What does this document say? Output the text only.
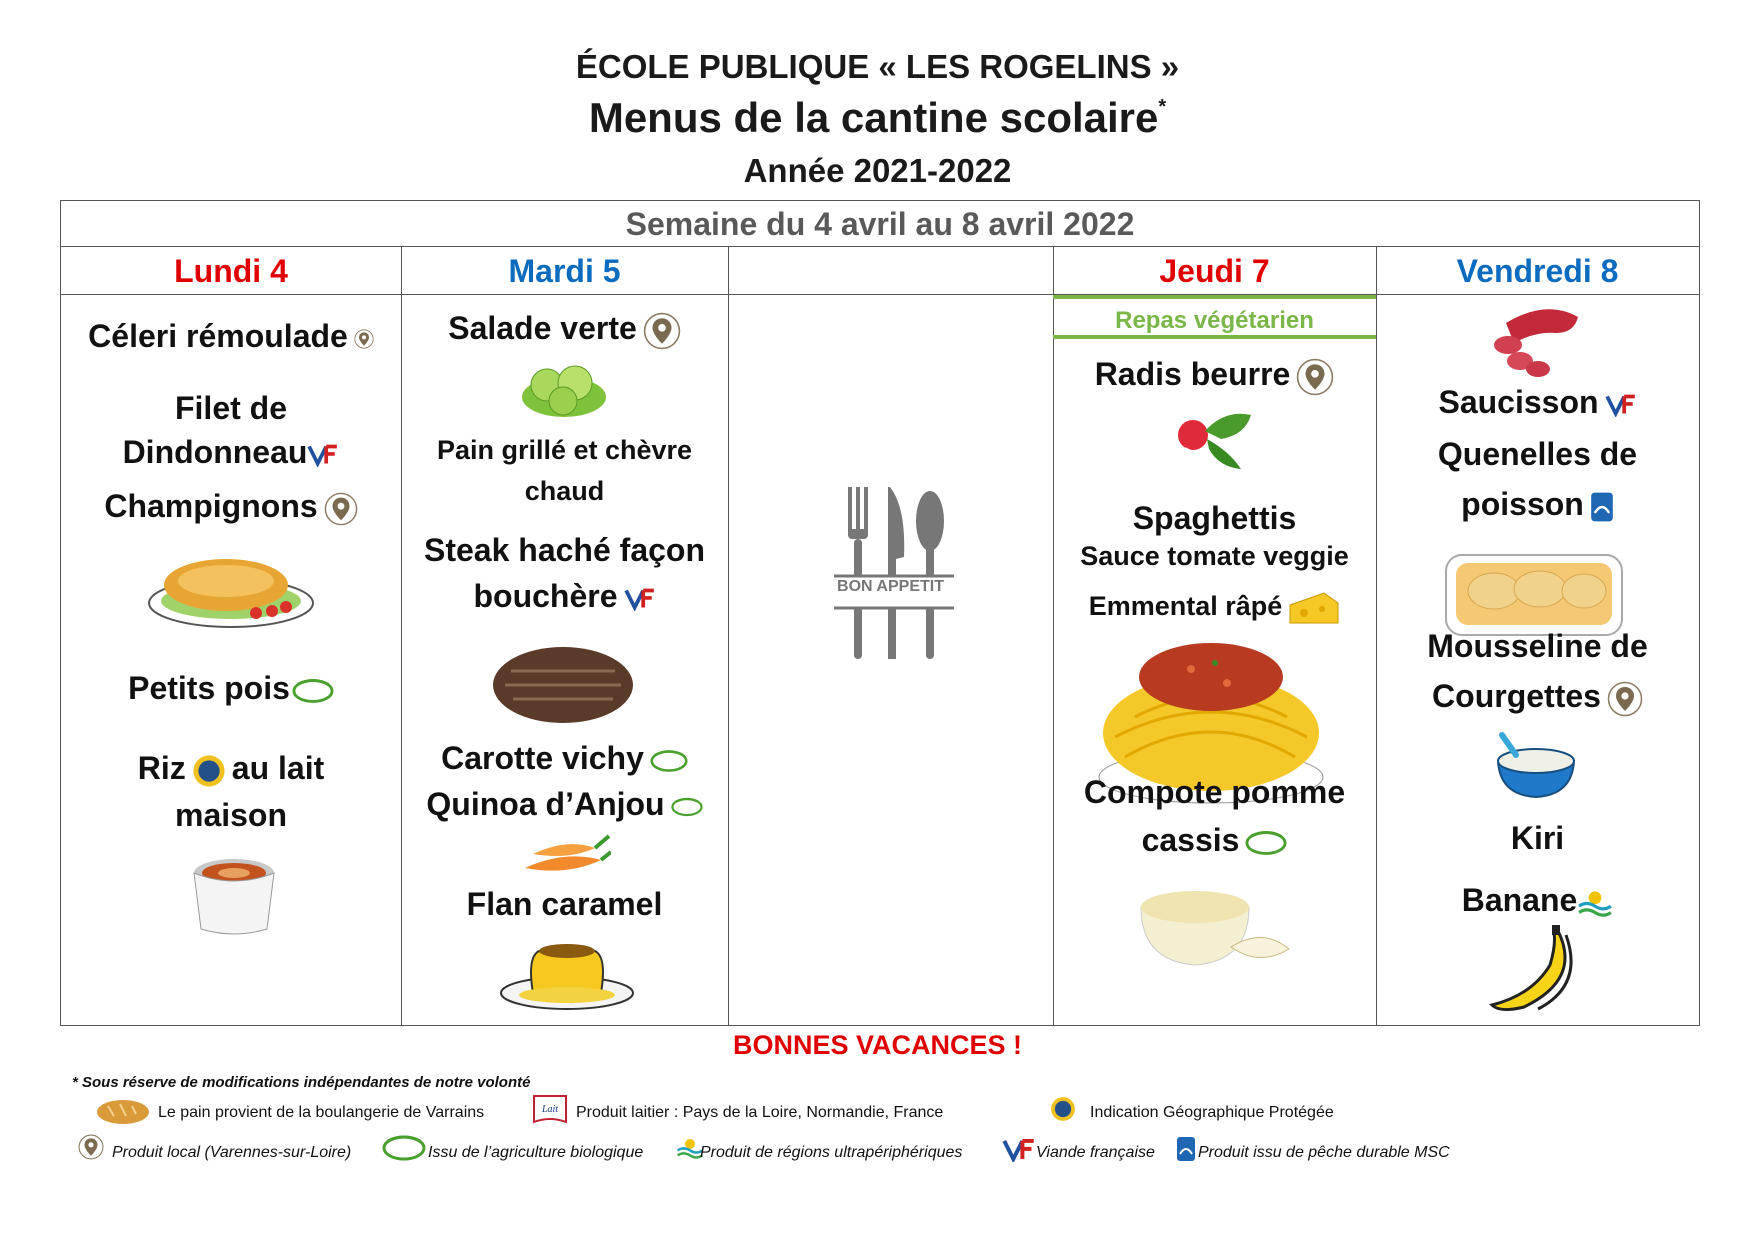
ÉCOLE PUBLIQUE « LES ROGELINS »
Menus de la cantine scolaire*
Année 2021-2022
Semaine du 4 avril au 8 avril 2022
Lundi 4
Céleri rémoulade
Filet de
Dindonneau
Champignons
Petits pois
Riz au lait
maison
Mardi 5
Salade verte
Pain grillé et chèvre
chaud
Steak haché façon
bouchère
Carotte vichy
Quinoa d’Anjou
Flan caramel
BON APPETIT
Jeudi 7
Repas végétarien
Radis beurre
Spaghettis
Sauce tomate veggie
Emmental râpé
Compote pomme
cassis
Vendredi 8
Saucisson
Quenelles de
poisson
Mousseline de
Courgettes
Kiri
Banane
BONNES VACANCES !
* Sous réserve de modifications indépendantes de notre volonté
Le pain provient de la boulangerie de Varrains	Lait Produit laitier : Pays de la Loire, Normandie, France	Indication Géographique Protégée
Produit local (Varennes-sur-Loire)	Issu de l’agriculture biologique	Produit de régions ultrapériphériques	Viande française	Produit issu de pêche durable MSC
